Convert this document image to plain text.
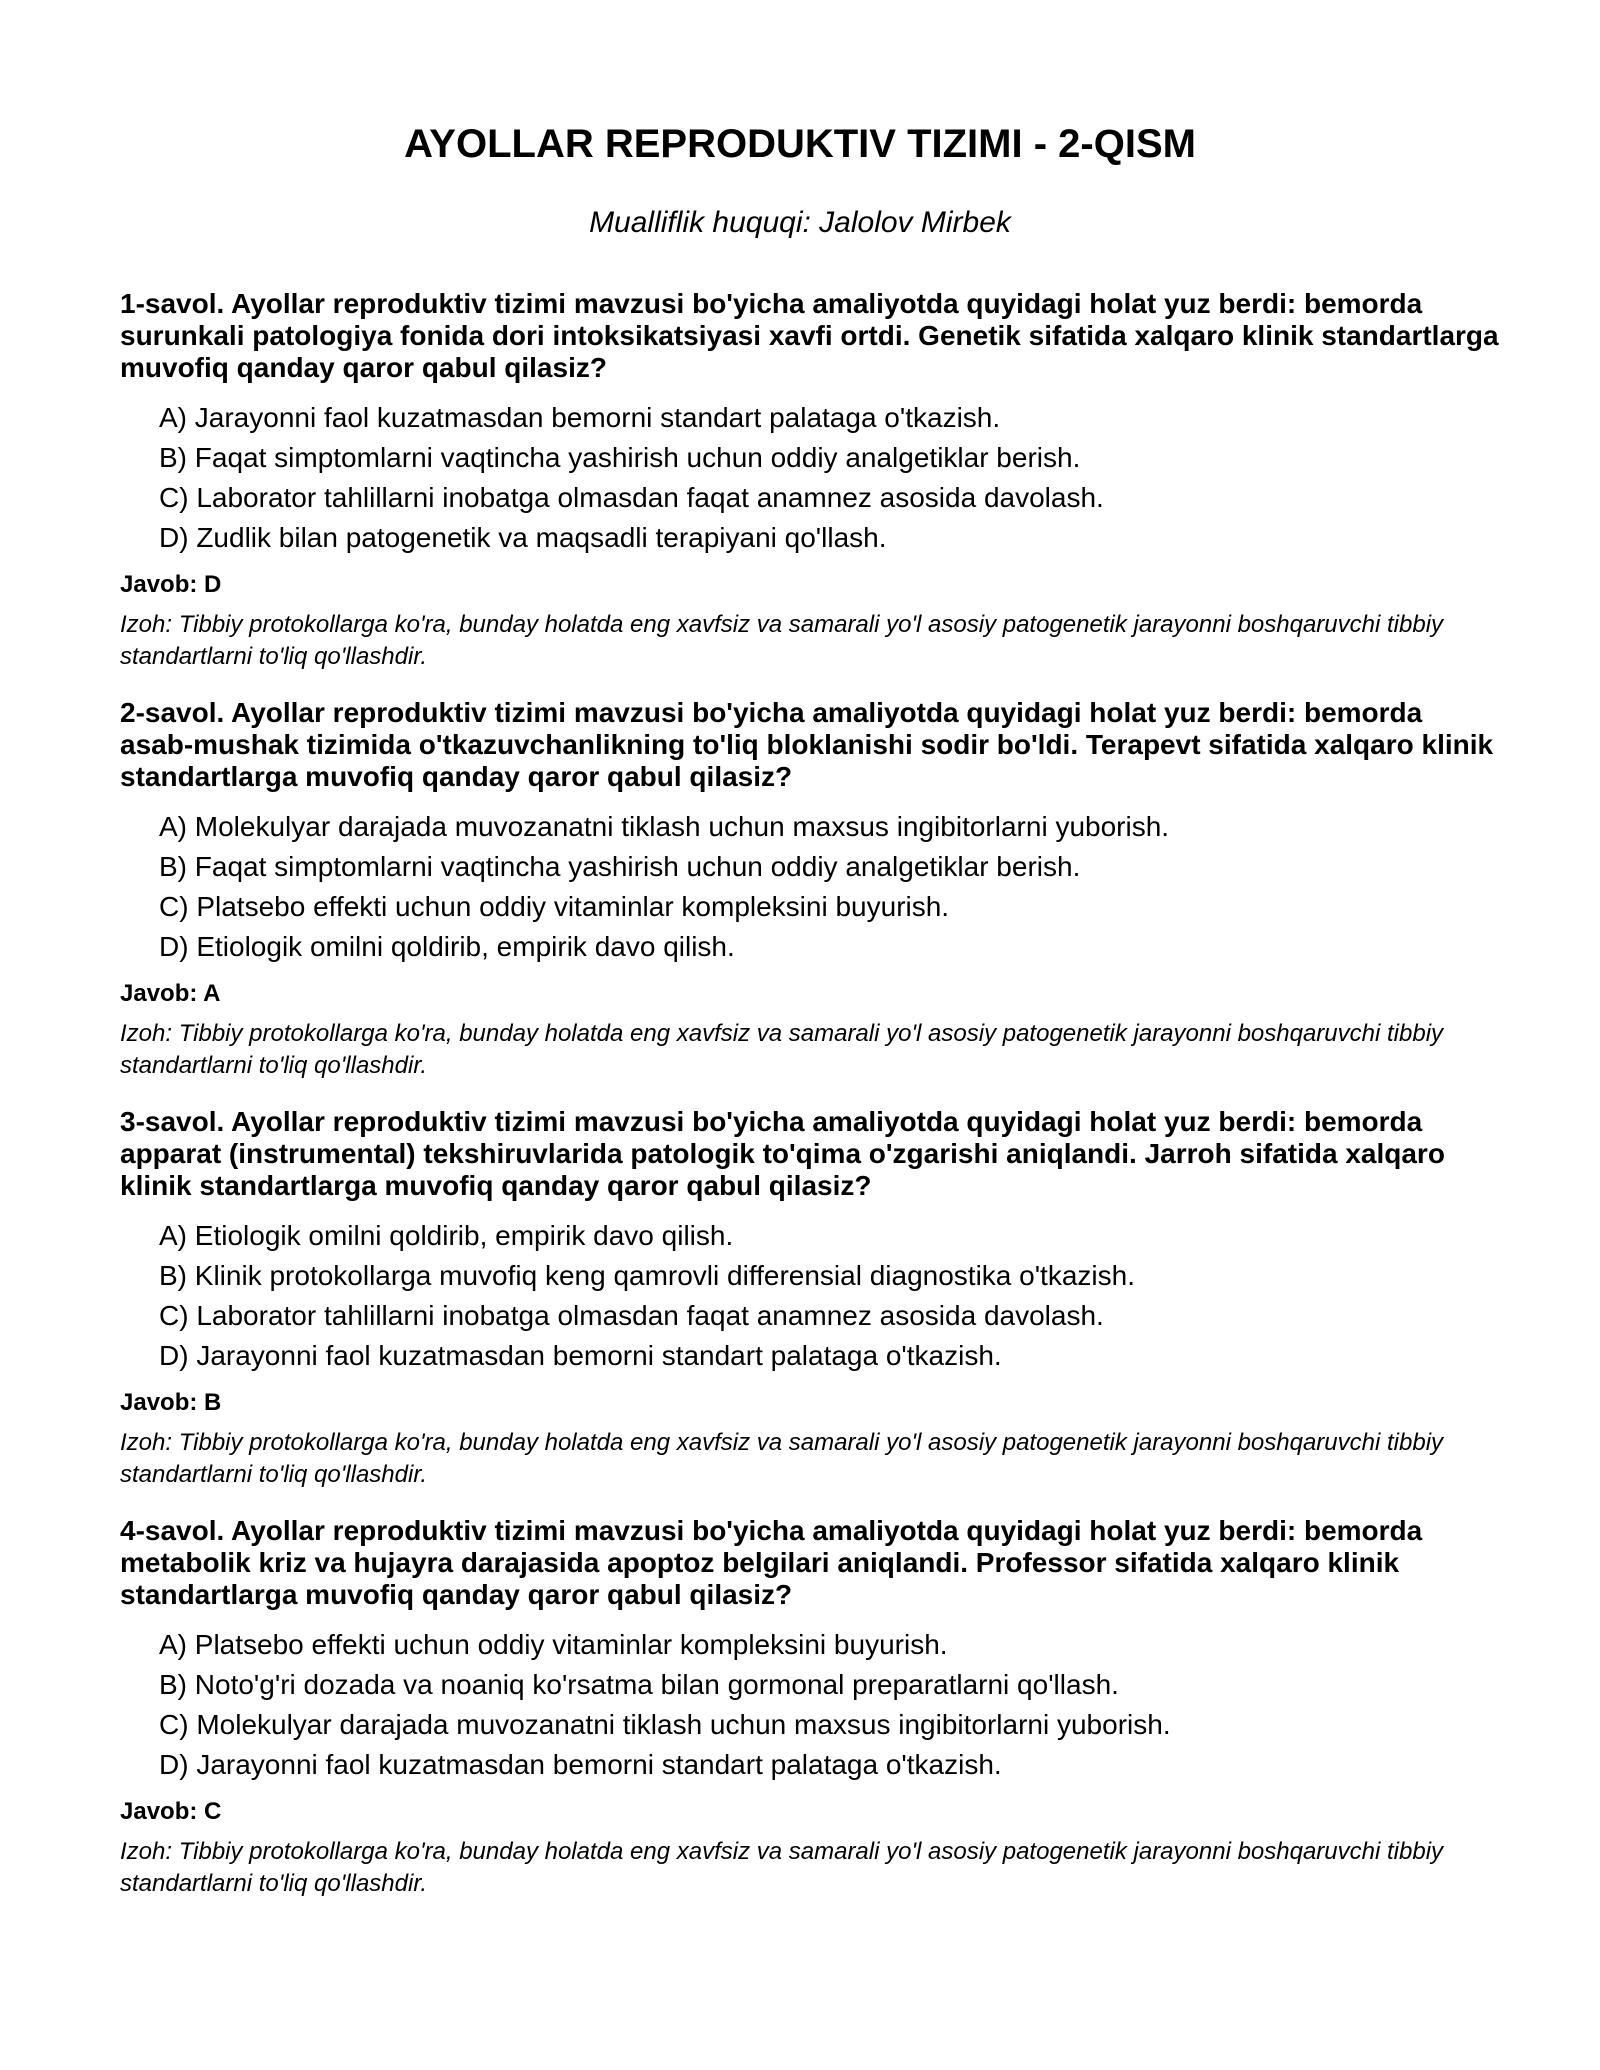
AYOLLAR REPRODUKTIV TIZIMI - 2-QISM

Mualliflik huquqi: Jalolov Mirbek

1-savol. Ayollar reproduktiv tizimi mavzusi bo'yicha amaliyotda quyidagi holat yuz berdi: bemorda surunkali patologiya fonida dori intoksikatsiyasi xavfi ortdi. Genetik sifatida xalqaro klinik standartlarga muvofiq qanday qaror qabul qilasiz?

A) Jarayonni faol kuzatmasdan bemorni standart palataga o'tkazish.
B) Faqat simptomlarni vaqtincha yashirish uchun oddiy analgetiklar berish.
C) Laborator tahlillarni inobatga olmasdan faqat anamnez asosida davolash.
D) Zudlik bilan patogenetik va maqsadli terapiyani qo'llash.

Javob: D

Izoh: Tibbiy protokollarga ko'ra, bunday holatda eng xavfsiz va samarali yo'l asosiy patogenetik jarayonni boshqaruvchi tibbiy standartlarni to'liq qo'llashdir.

2-savol. Ayollar reproduktiv tizimi mavzusi bo'yicha amaliyotda quyidagi holat yuz berdi: bemorda asab-mushak tizimida o'tkazuvchanlikning to'liq bloklanishi sodir bo'ldi. Terapevt sifatida xalqaro klinik standartlarga muvofiq qanday qaror qabul qilasiz?

A) Molekulyar darajada muvozanatni tiklash uchun maxsus ingibitorlarni yuborish.
B) Faqat simptomlarni vaqtincha yashirish uchun oddiy analgetiklar berish.
C) Platsebo effekti uchun oddiy vitaminlar kompleksini buyurish.
D) Etiologik omilni qoldirib, empirik davo qilish.

Javob: A

Izoh: Tibbiy protokollarga ko'ra, bunday holatda eng xavfsiz va samarali yo'l asosiy patogenetik jarayonni boshqaruvchi tibbiy standartlarni to'liq qo'llashdir.

3-savol. Ayollar reproduktiv tizimi mavzusi bo'yicha amaliyotda quyidagi holat yuz berdi: bemorda apparat (instrumental) tekshiruvlarida patologik to'qima o'zgarishi aniqlandi. Jarroh sifatida xalqaro klinik standartlarga muvofiq qanday qaror qabul qilasiz?

A) Etiologik omilni qoldirib, empirik davo qilish.
B) Klinik protokollarga muvofiq keng qamrovli differensial diagnostika o'tkazish.
C) Laborator tahlillarni inobatga olmasdan faqat anamnez asosida davolash.
D) Jarayonni faol kuzatmasdan bemorni standart palataga o'tkazish.

Javob: B

Izoh: Tibbiy protokollarga ko'ra, bunday holatda eng xavfsiz va samarali yo'l asosiy patogenetik jarayonni boshqaruvchi tibbiy standartlarni to'liq qo'llashdir.

4-savol. Ayollar reproduktiv tizimi mavzusi bo'yicha amaliyotda quyidagi holat yuz berdi: bemorda metabolik kriz va hujayra darajasida apoptoz belgilari aniqlandi. Professor sifatida xalqaro klinik standartlarga muvofiq qanday qaror qabul qilasiz?

A) Platsebo effekti uchun oddiy vitaminlar kompleksini buyurish.
B) Noto'g'ri dozada va noaniq ko'rsatma bilan gormonal preparatlarni qo'llash.
C) Molekulyar darajada muvozanatni tiklash uchun maxsus ingibitorlarni yuborish.
D) Jarayonni faol kuzatmasdan bemorni standart palataga o'tkazish.

Javob: C

Izoh: Tibbiy protokollarga ko'ra, bunday holatda eng xavfsiz va samarali yo'l asosiy patogenetik jarayonni boshqaruvchi tibbiy standartlarni to'liq qo'llashdir.
